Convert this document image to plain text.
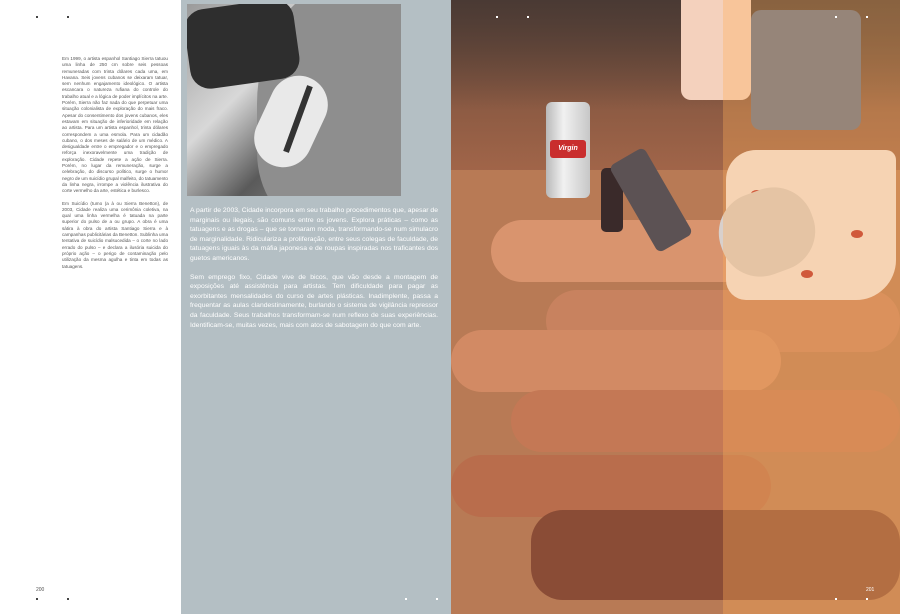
Em 1999, o artista espanhol Santiago Sierra tatuou uma linha de 250 cm sobre seis pessoas remuneradas com trinta dólares cada uma, em Havana. Seis jovens cubanos se deixaram tatuar, sem nenhum engajamento ideológico. O artista escancara o natureza rufiana do controle do trabalho atual e a lógica de poder implícitos na arte. Porém, Sierra não faz nada do que perpetuar uma situação colonialista de exploração do mais fraco. Apesar do consentimento dos jovens cubanos, eles estavam em situação de inferioridade em relação ao artista. Para um artista espanhol, trinta dólares correspondem a uma esmola. Para um cidadão cubano, o dos meses de salário de um médico. A desigualdade entre o empregador e o empregado reforça inexoravelmente uma tradição de exploração. Cidade repete a ação de Sierra. Porém, no lugar da remuneração, surge a celebração, do discurso político, surge o humor negro de um suicídio grupal malfeito, do tatuamento da linha negra, irrompe a violência ilustrativa do corte vermelho da arte, estética e burlesco.

Em Suicídio (tumo (a à ou Sierra Benetton), de 2003, Cidade realiza uma cerimônia coletiva, na qual uma linha vermelha é tatuada na parte superior do pulso de a ou grupo. A obra é uma sátira à obra do artista Santiago Sierra e à campanhas publicitárias da Benetton. Sublinha uma tentativa de suicídio malsucedida – o corte no lado errado do pulso – e declara a ilusória suicida do próprio ação – o perigo de contaminação pelo utilização da mesma agulha e tinta em todas as tatuagens.

A partir de 2003, Cidade incorpora em seu trabalho procedimentos que, apesar de marginais ou ilegais, são comuns entre os jovens. Explora práticas – como as tatuagens e as drogas – que se tornaram moda, transformando-se num simulacro de marginalidade. Ridiculariza a proliferação, entre seus colegas de faculdade, de tatuagens iguais às da máfia japonesa e de roupas inspiradas nos traficantes dos guetos americanos.

Sem emprego fixo, Cidade vive de bicos, que vão desde a montagem de exposições até assistência para artistas. Tem dificuldade para pagar as exorbitantes mensalidades do curso de artes plásticas. Inadimplente, passa a frequentar as aulas clandestinamente, burlando o sistema de vigilância repressor da faculdade. Seus trabalhos transformam-se num reflexo de suas experiências. Identificam-se, muitas vezes, mais com atos de sabotagem do que com arte.

200
Virgin
201
